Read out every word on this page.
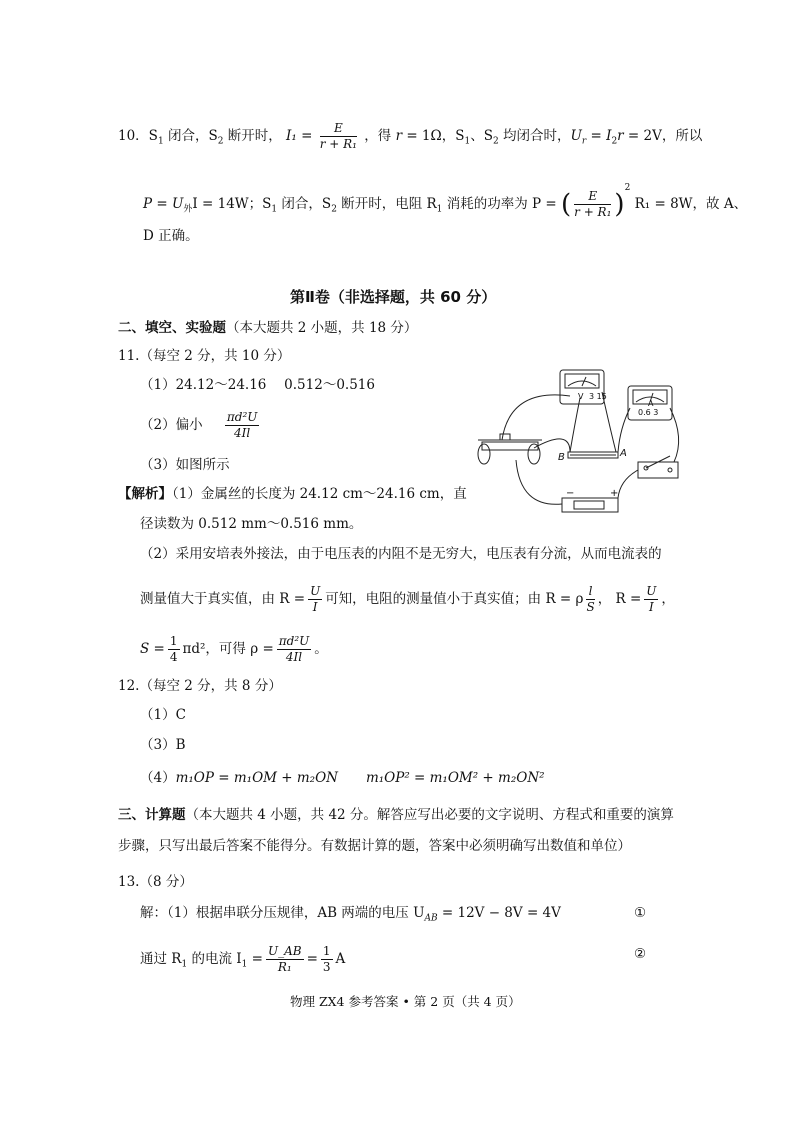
10．$S_1$ 闭合，$S_2$ 断开时， $I_1 = \frac{E}{\text{r + R₁}}$ ，得 r = 1Ω，$S_1$、$S_2$ 均闭合时，$U_r = I_2r = 2V$，所以
$P = U_外I = 14W$；$S_1$ 闭合，$S_2$ 断开时，电阻 $R_1$ 消耗的功率为 P = ( $\frac{E}{\text{r + R₁}} )^2$ R₁ = 8W，故 A、
D 正确。
第Ⅱ卷（非选择题，共 60 分）
二、填空、实验题（本大题共 2 小题，共 18 分）
11.（每空 2 分，共 10 分）
（1）24.12～24.16　 0.512～0.516
（2）偏小 $\frac{\text{πd²U}}{4Il}$
（3）如图所示
【解析】（1）金属丝的长度为 24.12 cm～24.16 cm，直
径读数为 0.512 mm～0.516 mm。
（2）采用安培表外接法，由于电压表的内阻不是无穷大，电压表有分流，从而电流表的
测量值大于真实值，由 $R = \frac{U}{I}$ 可知，电阻的测量值小于真实值；由 R = ρ $\frac{l}{S}$ ， $R = \frac{U}{I}$ ，
$S = \frac{1}{4} \pi d^2$，可得 $\rho = \frac{\text{πd²U}}{4Il}$ 。
3 15
0.6 3
V
A
B	A
−	+
12.（每空 2 分，共 8 分）
（1）C
（3）B
（4）m₁OP = m₁OM + m₂ON m₁OP² = m₁OM² + m₂ON²
三、计算题（本大题共 4 小题，共 42 分。解答应写出必要的文字说明、方程式和重要的演算
步骤，只写出最后答案不能得分。有数据计算的题，答案中必须明确写出数值和单位）
13.（8 分）
解：（1）根据串联分压规律，AB 两端的电压 $U_{AB} = 12V - 8V = 4V$	①
通过 $R_1$ 的电流 $I_1 = \frac{U\_AB}{\text{R₁}} = \frac{1}{3}$ A	②
物理 ZX4 参考答案 • 第 2 页（共 4 页）
